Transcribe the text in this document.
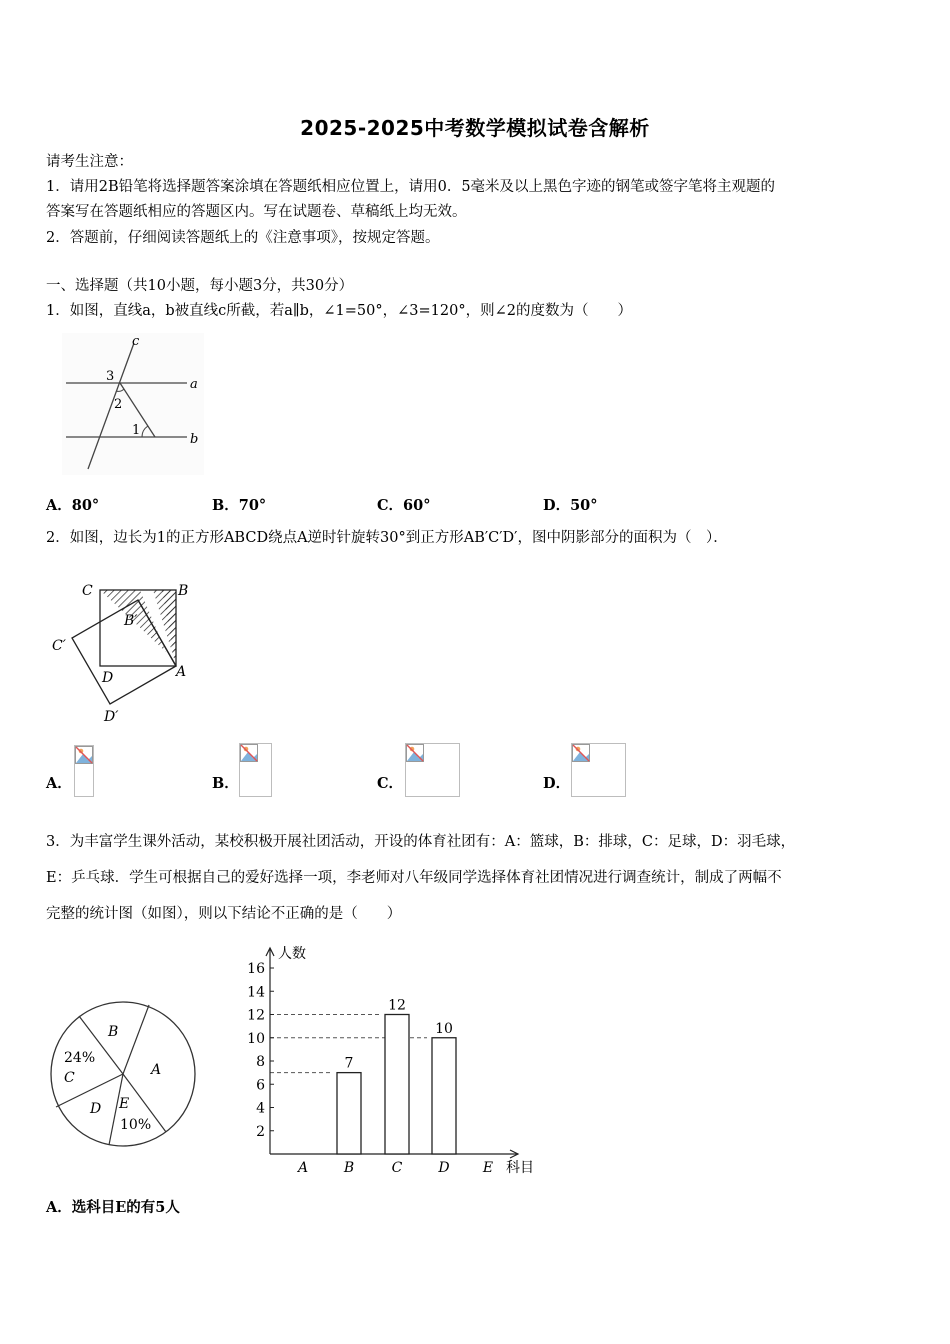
2025-2025中考数学模拟试卷含解析
请考生注意：
1．请用2B铅笔将选择题答案涂填在答题纸相应位置上，请用0．5毫米及以上黑色字迹的钢笔或签字笔将主观题的
答案写在答题纸相应的答题区内。写在试题卷、草稿纸上均无效。
2．答题前，仔细阅读答题纸上的《注意事项》，按规定答题。
一、选择题（共10小题，每小题3分，共30分）
1．如图，直线a，b被直线c所截，若a∥b，∠1=50°，∠3=120°，则∠2的度数为（　　）
c
a
b
3
2
1
A．80°	B．70°	C．60°	D．50°
2．如图，边长为1的正方形ABCD绕点A逆时针旋转30°到正方形AB′C′D′，图中阴影部分的面积为（　）．
C	B
B′
C′
D	A
D′
A．	B．	C．	D．
3．为丰富学生课外活动，某校积极开展社团活动，开设的体育社团有：A：篮球，B：排球，C：足球，D：羽毛球，
E：乒乓球．学生可根据自己的爱好选择一项，李老师对八年级同学选择体育社团情况进行调查统计，制成了两幅不
完整的统计图（如图），则以下结论不正确的是（　　）
B
A
24%
C
D E
10%	2
4
6
8
10
12
14
16
人数
科目
A
7
B
12
C
10
D E
A．选科目E的有5人
